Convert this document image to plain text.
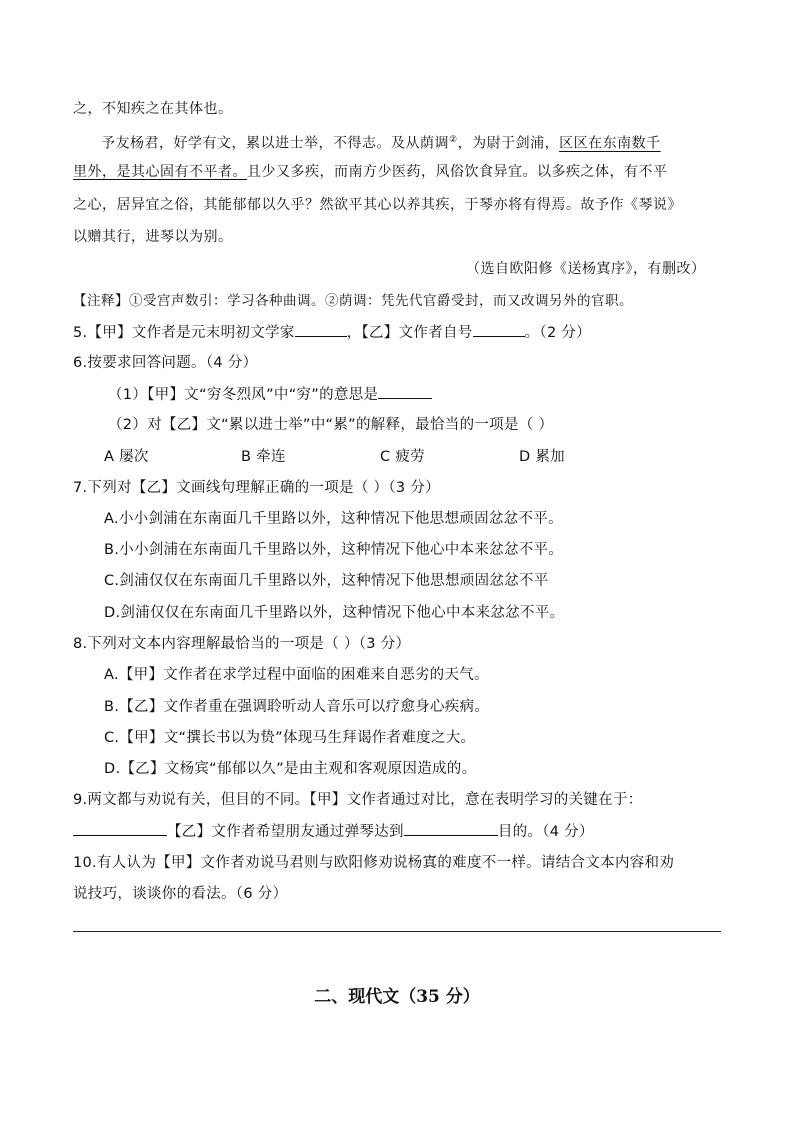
之，不知疾之在其体也。
予友杨君，好学有文，累以进士举，不得志。及从荫调②，为尉于剑浦，区区在东南数千
里外，是其心固有不平者。且少又多疾，而南方少医药，风俗饮食异宜。以多疾之体，有不平
之心，居异宜之俗，其能郁郁以久乎？然欲平其心以养其疾，于琴亦将有得焉。故予作《琴说》
以赠其行，进琴以为别。
（选自欧阳修《送杨寘序》，有删改）
【注释】①受宫声数引：学习各种曲调。②荫调：凭先代官爵受封，而又改调另外的官职。
5.【甲】文作者是元末明初文学家	，【乙】文作者自号	。（2 分）
6.按要求回答问题。（4 分）
（1）【甲】文“穷冬烈风”中“穷”的意思是
（2）对【乙】文“累以进士举”中“累”的解释，最恰当的一项是（ ）
A 屡次	B 牵连	C 疲劳	D 累加
7.下列对【乙】文画线句理解正确的一项是（ ）（3 分）
A.小小剑浦在东南面几千里路以外，这种情况下他思想顽固忿忿不平。
B.小小剑浦在东南面几千里路以外，这种情况下他心中本来忿忿不平。
C.剑浦仅仅在东南面几千里路以外，这种情况下他思想顽固忿忿不平
D.剑浦仅仅在东南面几千里路以外，这种情况下他心中本来忿忿不平。
8.下列对文本内容理解最恰当的一项是（ ）（3 分）
A.【甲】文作者在求学过程中面临的困难来自恶劣的天气。
B.【乙】文作者重在强调聆听动人音乐可以疗愈身心疾病。
C.【甲】文“撰长书以为贽”体现马生拜谒作者难度之大。
D.【乙】文杨宾“郁郁以久”是由主观和客观原因造成的。
9.两文都与劝说有关，但目的不同。【甲】文作者通过对比，意在表明学习的关键在于：
【乙】文作者希望朋友通过弹琴达到	目的。（4 分）
10.有人认为【甲】文作者劝说马君则与欧阳修劝说杨寘的难度不一样。请结合文本内容和劝
说技巧，谈谈你的看法。（6 分）
二、现代文（35 分）
